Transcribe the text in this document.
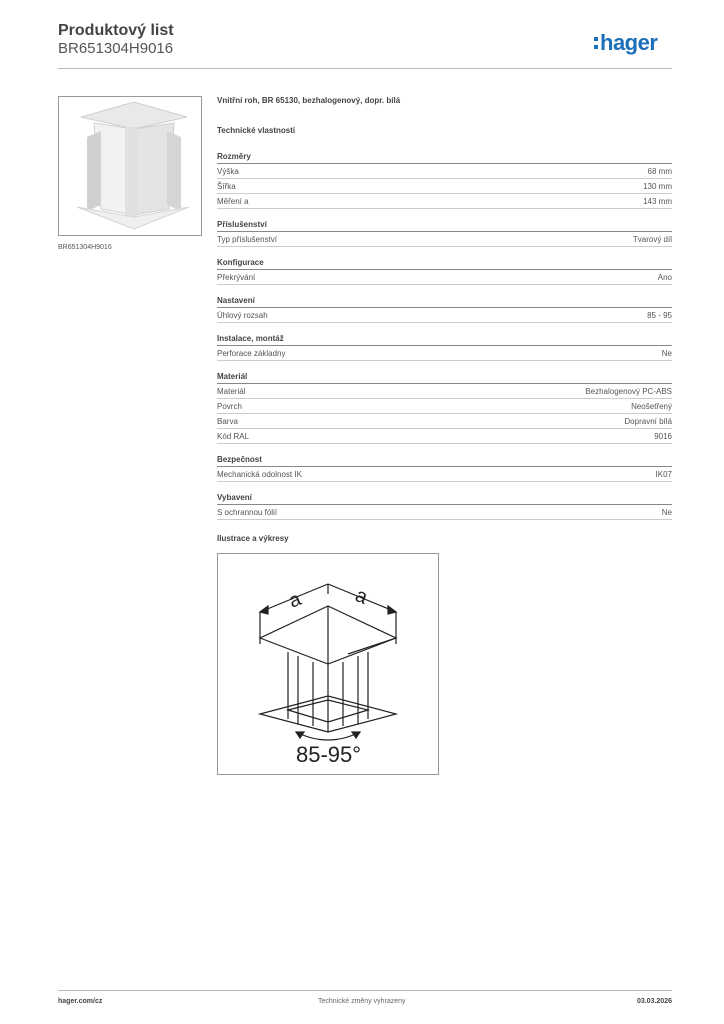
Produktový list
BR651304H9016	hager
BR651304H9016
Vnitřní roh, BR 65130, bezhalogenový, dopr. bílá
Technické vlastnosti
Rozměry
Výška	68 mm
Šířka	130 mm
Měření a	143 mm
Příslušenství
Typ příslušenství	Tvarový díl
Konfigurace
Překrývání	Ano
Nastavení
Úhlový rozsah	85 - 95
Instalace, montáž
Perforace základny	Ne
Materiál
Materiál	Bezhalogenový PC-ABS
Povrch	Neošetřený
Barva	Dopravní bílá
Kód RAL	9016
Bezpečnost
Mechanická odolnost IK	IK07
Vybavení
S ochrannou fólií	Ne
Ilustrace a výkresy
a a
85-95°
hager.com/cz	Technické změny vyhrazeny	03.03.2026
